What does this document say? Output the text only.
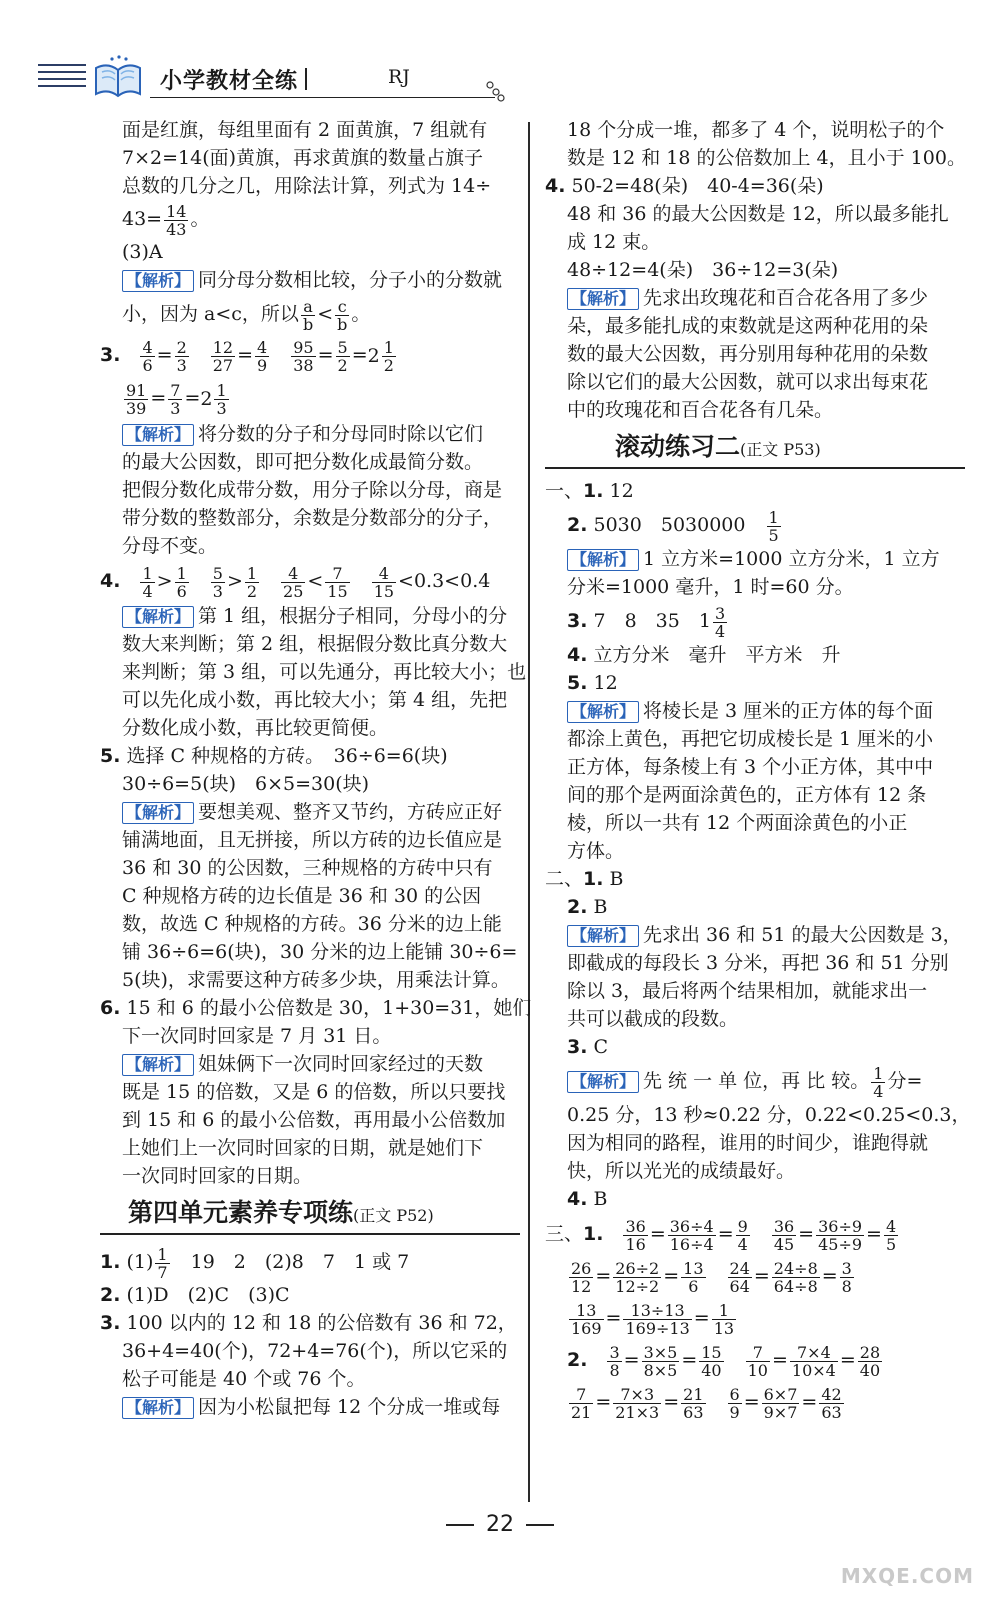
小学教材全练	RJ
面是红旗，每组里面有 2 面黄旗，7 组就有
7×2=14(面)黄旗，再求黄旗的数量占旗子
总数的几分之几，用除法计算，列式为 14÷
$43= \frac{14}{43}$ 。
(3)A
【解析】 同分母分数相比较，分子小的分数就
小，因为 a<c，所以 $\frac{a}{b} < \frac{c}{b}$ 。
3. $\frac{4}{6} = \frac{2}{3} \frac{12}{27} = \frac{4}{9} \frac{95}{38} = \frac{5}{2} =2 \frac{1}{2}$
$\frac{91}{39} = \frac{7}{3} =2 \frac{1}{3}$
【解析】 将分数的分子和分母同时除以它们
的最大公因数，即可把分数化成最简分数。
把假分数化成带分数，用分子除以分母，商是
带分数的整数部分，余数是分数部分的分子，
分母不变。
4. $\frac{1}{4} > \frac{1}{6} \frac{5}{3} > \frac{1}{2} \frac{4}{25} < \frac{7}{15} \frac{4}{15} <0.3<0.4$
【解析】 第 1 组，根据分子相同，分母小的分
数大来判断；第 2 组，根据假分数比真分数大
来判断；第 3 组，可以先通分，再比较大小；也
可以先化成小数，再比较大小；第 4 组，先把
分数化成小数，再比较更简便。
5. 选择 C 种规格的方砖。　36÷6=6(块)
30÷6=5(块)　6×5=30(块)
【解析】 要想美观、整齐又节约，方砖应正好
铺满地面，且无拼接，所以方砖的边长值应是
36 和 30 的公因数，三种规格的方砖中只有
C 种规格方砖的边长值是 36 和 30 的公因
数，故选 C 种规格的方砖。36 分米的边上能
铺 36÷6=6(块)，30 分米的边上能铺 30÷6=
5(块)，求需要这种方砖多少块，用乘法计算。
6. 15 和 6 的最小公倍数是 30，1+30=31，她们
下一次同时回家是 7 月 31 日。
【解析】 姐妹俩下一次同时回家经过的天数
既是 15 的倍数，又是 6 的倍数，所以只要找
到 15 和 6 的最小公倍数，再用最小公倍数加
上她们上一次同时回家的日期，就是她们下
一次同时回家的日期。
第四单元素养专项练(正文 P52)
1. $(1) \frac{1}{7}$ 　19　2　(2)8　7　1 或 7
2. (1)D　(2)C　(3)C
3. 100 以内的 12 和 18 的公倍数有 36 和 72，
36+4=40(个)，72+4=76(个)，所以它采的
松子可能是 40 个或 76 个。
【解析】 因为小松鼠把每 12 个分成一堆或每
18 个分成一堆，都多了 4 个，说明松子的个
数是 12 和 18 的公倍数加上 4，且小于 100。
4. 50-2=48(朵)　40-4=36(朵)
48 和 36 的最大公因数是 12，所以最多能扎
成 12 束。
48÷12=4(朵)　36÷12=3(朵)
【解析】 先求出玫瑰花和百合花各用了多少
朵，最多能扎成的束数就是这两种花用的朵
数的最大公因数，再分别用每种花用的朵数
除以它们的最大公因数，就可以求出每束花
中的玫瑰花和百合花各有几朵。
滚动练习二(正文 P53)
一、1. 12
2. 5030　5030000　 $\frac{1}{5}$
【解析】 1 立方米=1000 立方分米，1 立方
分米=1000 毫升，1 时=60 分。
3. 7　8　35　$1 \frac{3}{4}$
4. 立方分米　毫升　平方米　升
5. 12
【解析】 将棱长是 3 厘米的正方体的每个面
都涂上黄色，再把它切成棱长是 1 厘米的小
正方体，每条棱上有 3 个小正方体，其中中
间的那个是两面涂黄色的，正方体有 12 条
棱，所以一共有 12 个两面涂黄色的小正
方体。
二、1. B
2. B
【解析】 先求出 36 和 51 的最大公因数是 3，
即截成的每段长 3 分米，再把 36 和 51 分别
除以 3，最后将两个结果相加，就能求出一
共可以截成的段数。
3. C
【解析】 先 统 一 单 位，再 比 较。 $\frac{1}{4}$ 分=
0.25 分，13 秒≈0.22 分，0.22<0.25<0.3，
因为相同的路程，谁用的时间少，谁跑得就
快，所以光光的成绩最好。
4. B
三、1. $\frac{36}{16} = \frac{36\div 4}{16\div 4} = \frac{9}{4} \frac{36}{45} = \frac{36\div 9}{45\div 9} = \frac{4}{5}$
$\frac{26}{12} = \frac{26\div 2}{12\div 2} = \frac{13}{6} \frac{24}{64} = \frac{24\div 8}{64\div 8} = \frac{3}{8}$
$\frac{13}{169} = \frac{13\div 13}{169\div 13} = \frac{1}{13}$
2. $\frac{3}{8} = \frac{3\times 5}{8\times 5} = \frac{15}{40} \frac{7}{10} = \frac{7\times 4}{10\times 4} = \frac{28}{40}$
$\frac{7}{21} = \frac{7\times 3}{21\times 3} = \frac{21}{63} \frac{6}{9} = \frac{6\times 7}{9\times 7} = \frac{42}{63}$
22
MXQE.COM
